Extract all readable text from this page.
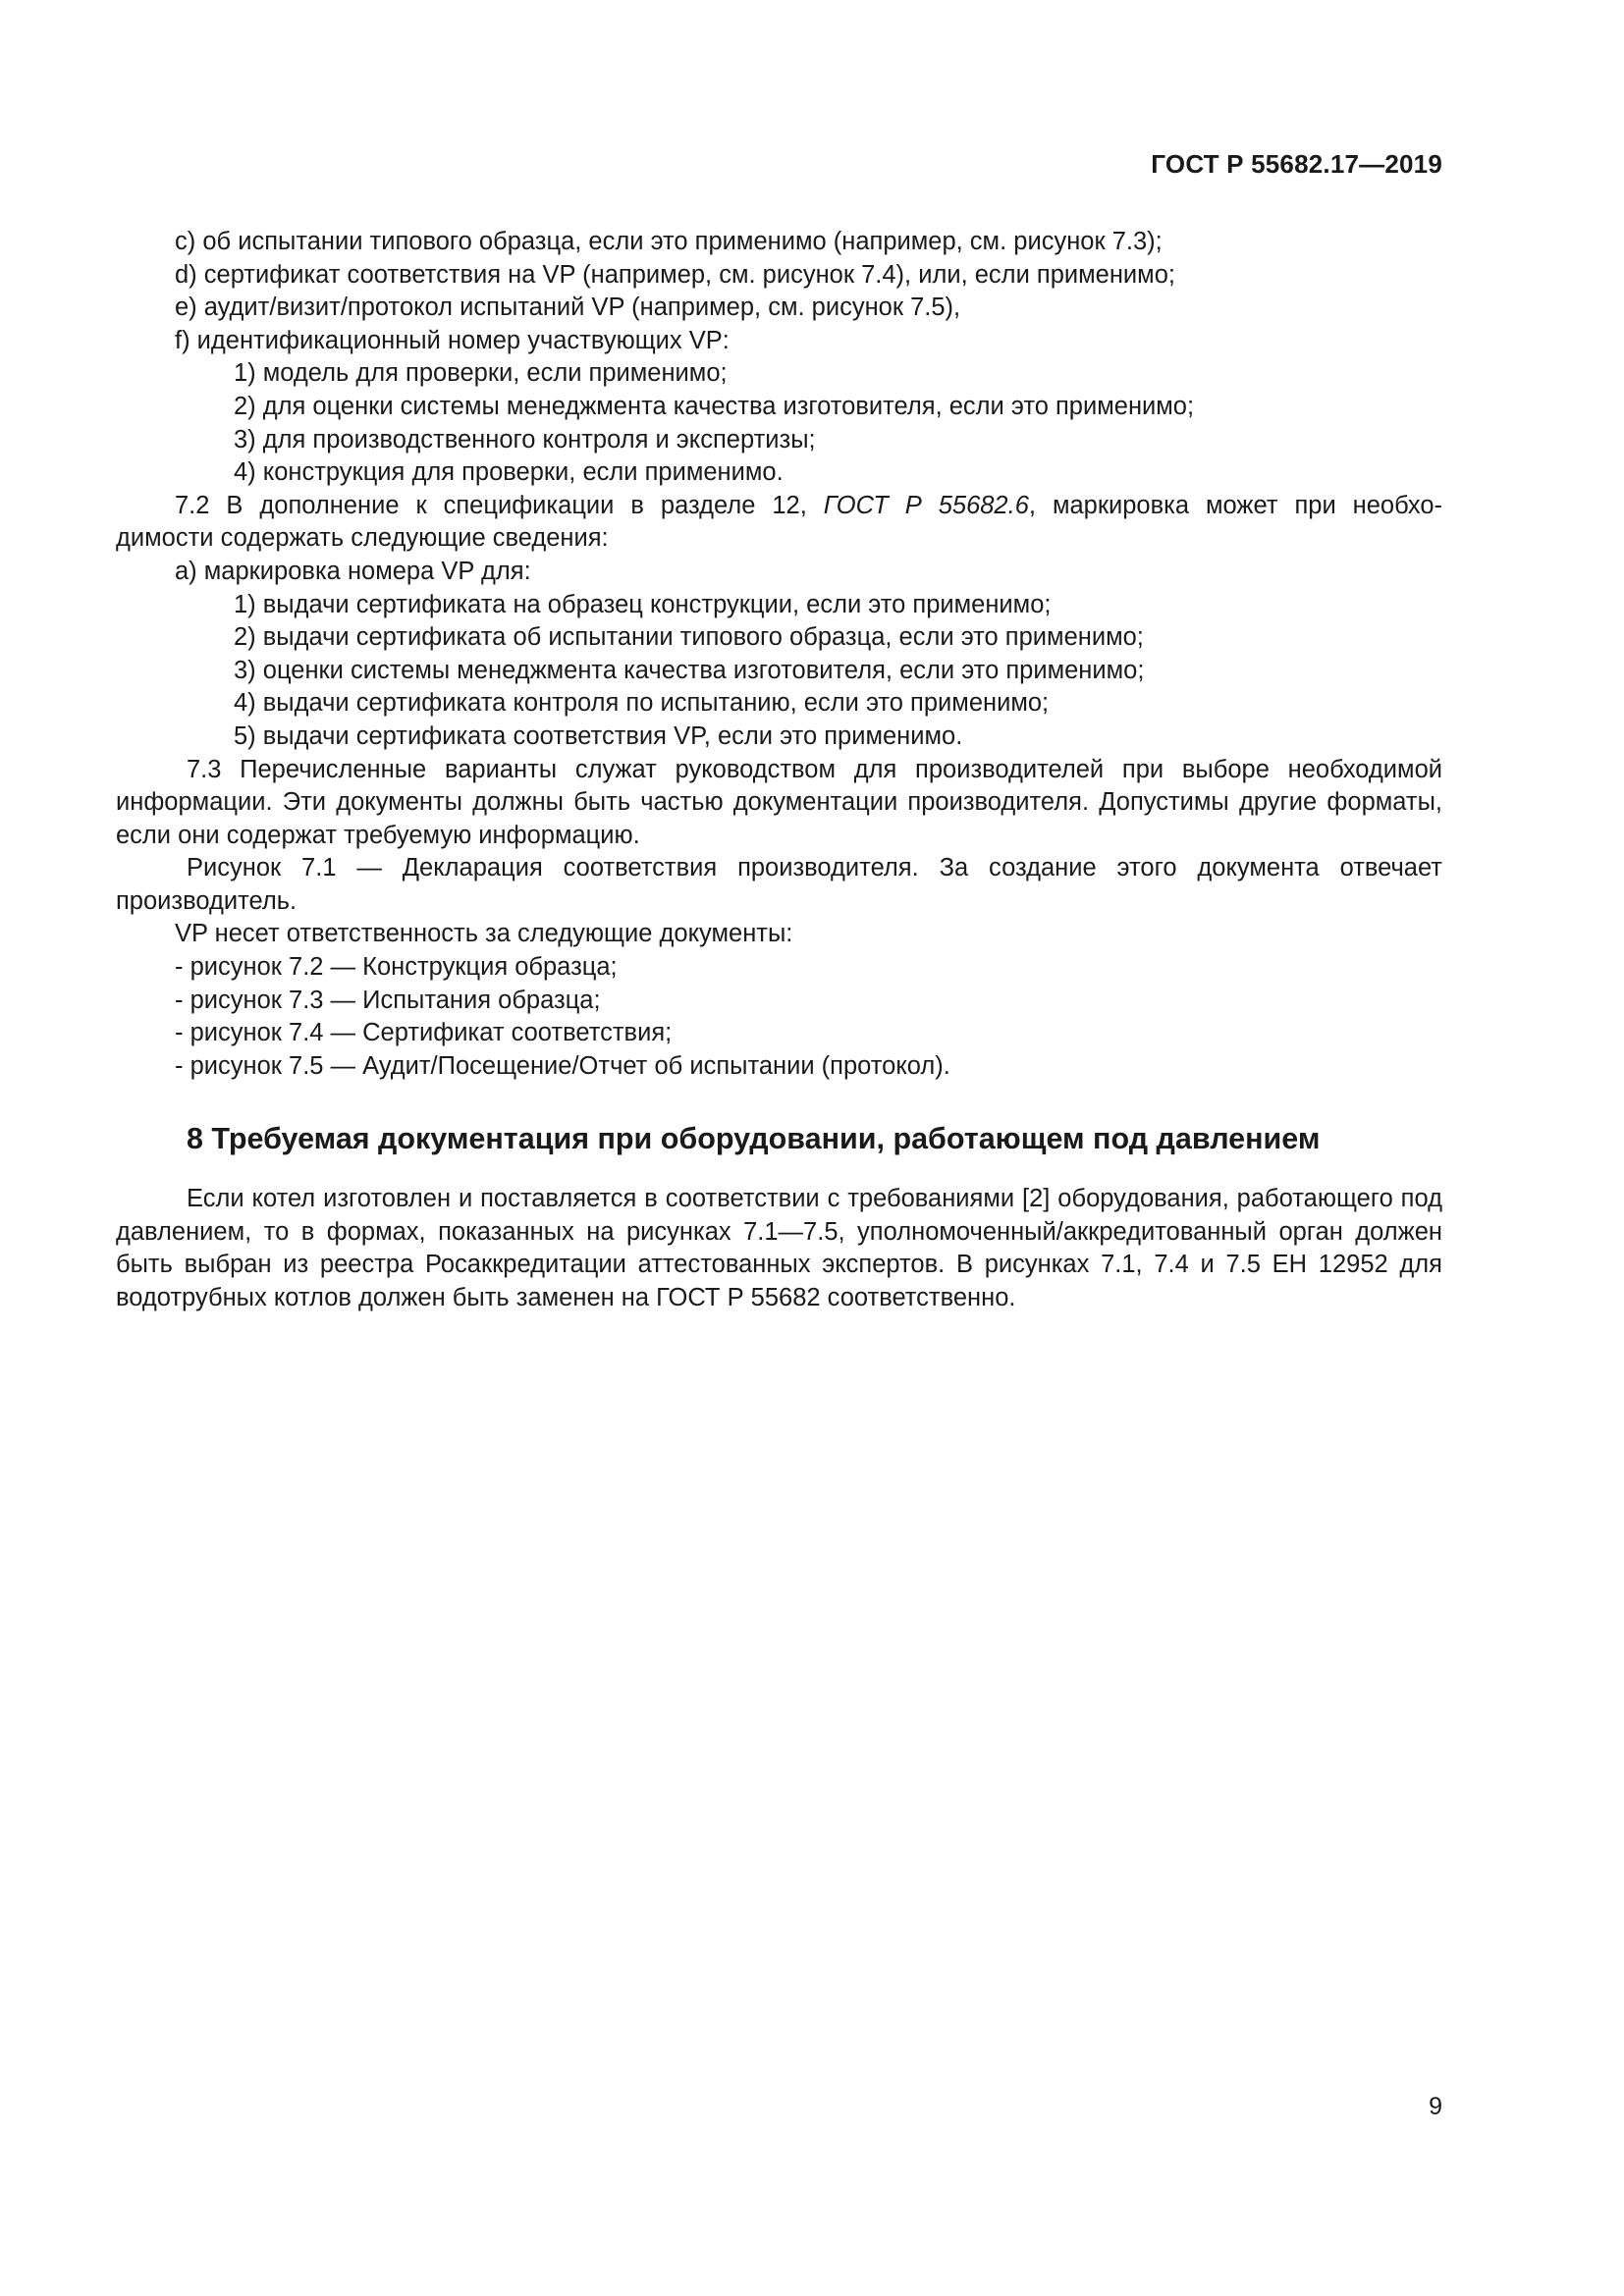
ГОСТ Р 55682.17—2019
c) об испытании типового образца, если это применимо (например, см. рисунок 7.3);
d) сертификат соответствия на VP (например, см. рисунок 7.4), или, если применимо;
e) аудит/визит/протокол испытаний VP (например, см. рисунок 7.5),
f) идентификационный номер участвующих VP:
1) модель для проверки, если применимо;
2) для оценки системы менеджмента качества изготовителя, если это применимо;
3) для производственного контроля и экспертизы;
4) конструкция для проверки, если применимо.
7.2 В дополнение к спецификации в разделе 12, ГОСТ Р 55682.6, маркировка может при необхо-
димости содержать следующие сведения:
a) маркировка номера VP для:
1) выдачи сертификата на образец конструкции, если это применимо;
2) выдачи сертификата об испытании типового образца, если это применимо;
3) оценки системы менеджмента качества изготовителя, если это применимо;
4) выдачи сертификата контроля по испытанию, если это применимо;
5) выдачи сертификата соответствия VP, если это применимо.
7.3 Перечисленные варианты служат руководством для производителей при выборе необходимой информации. Эти документы должны быть частью документации производителя. Допустимы другие форматы, если они содержат требуемую информацию.
Рисунок 7.1 — Декларация соответствия производителя. За создание этого документа отвечает производитель.
VP несет ответственность за следующие документы:
- рисунок 7.2 — Конструкция образца;
- рисунок 7.3 — Испытания образца;
- рисунок 7.4 — Сертификат соответствия;
- рисунок 7.5 — Аудит/Посещение/Отчет об испытании (протокол).
8 Требуемая документация при оборудовании, работающем под давлением
Если котел изготовлен и поставляется в соответствии с требованиями [2] оборудования, работающего под давлением, то в формах, показанных на рисунках 7.1—7.5, уполномоченный/аккредитованный орган должен быть выбран из реестра Росаккредитации аттестованных экспертов. В рисунках 7.1, 7.4 и 7.5 ЕН 12952 для водотрубных котлов должен быть заменен на ГОСТ Р 55682 соответственно.
9
